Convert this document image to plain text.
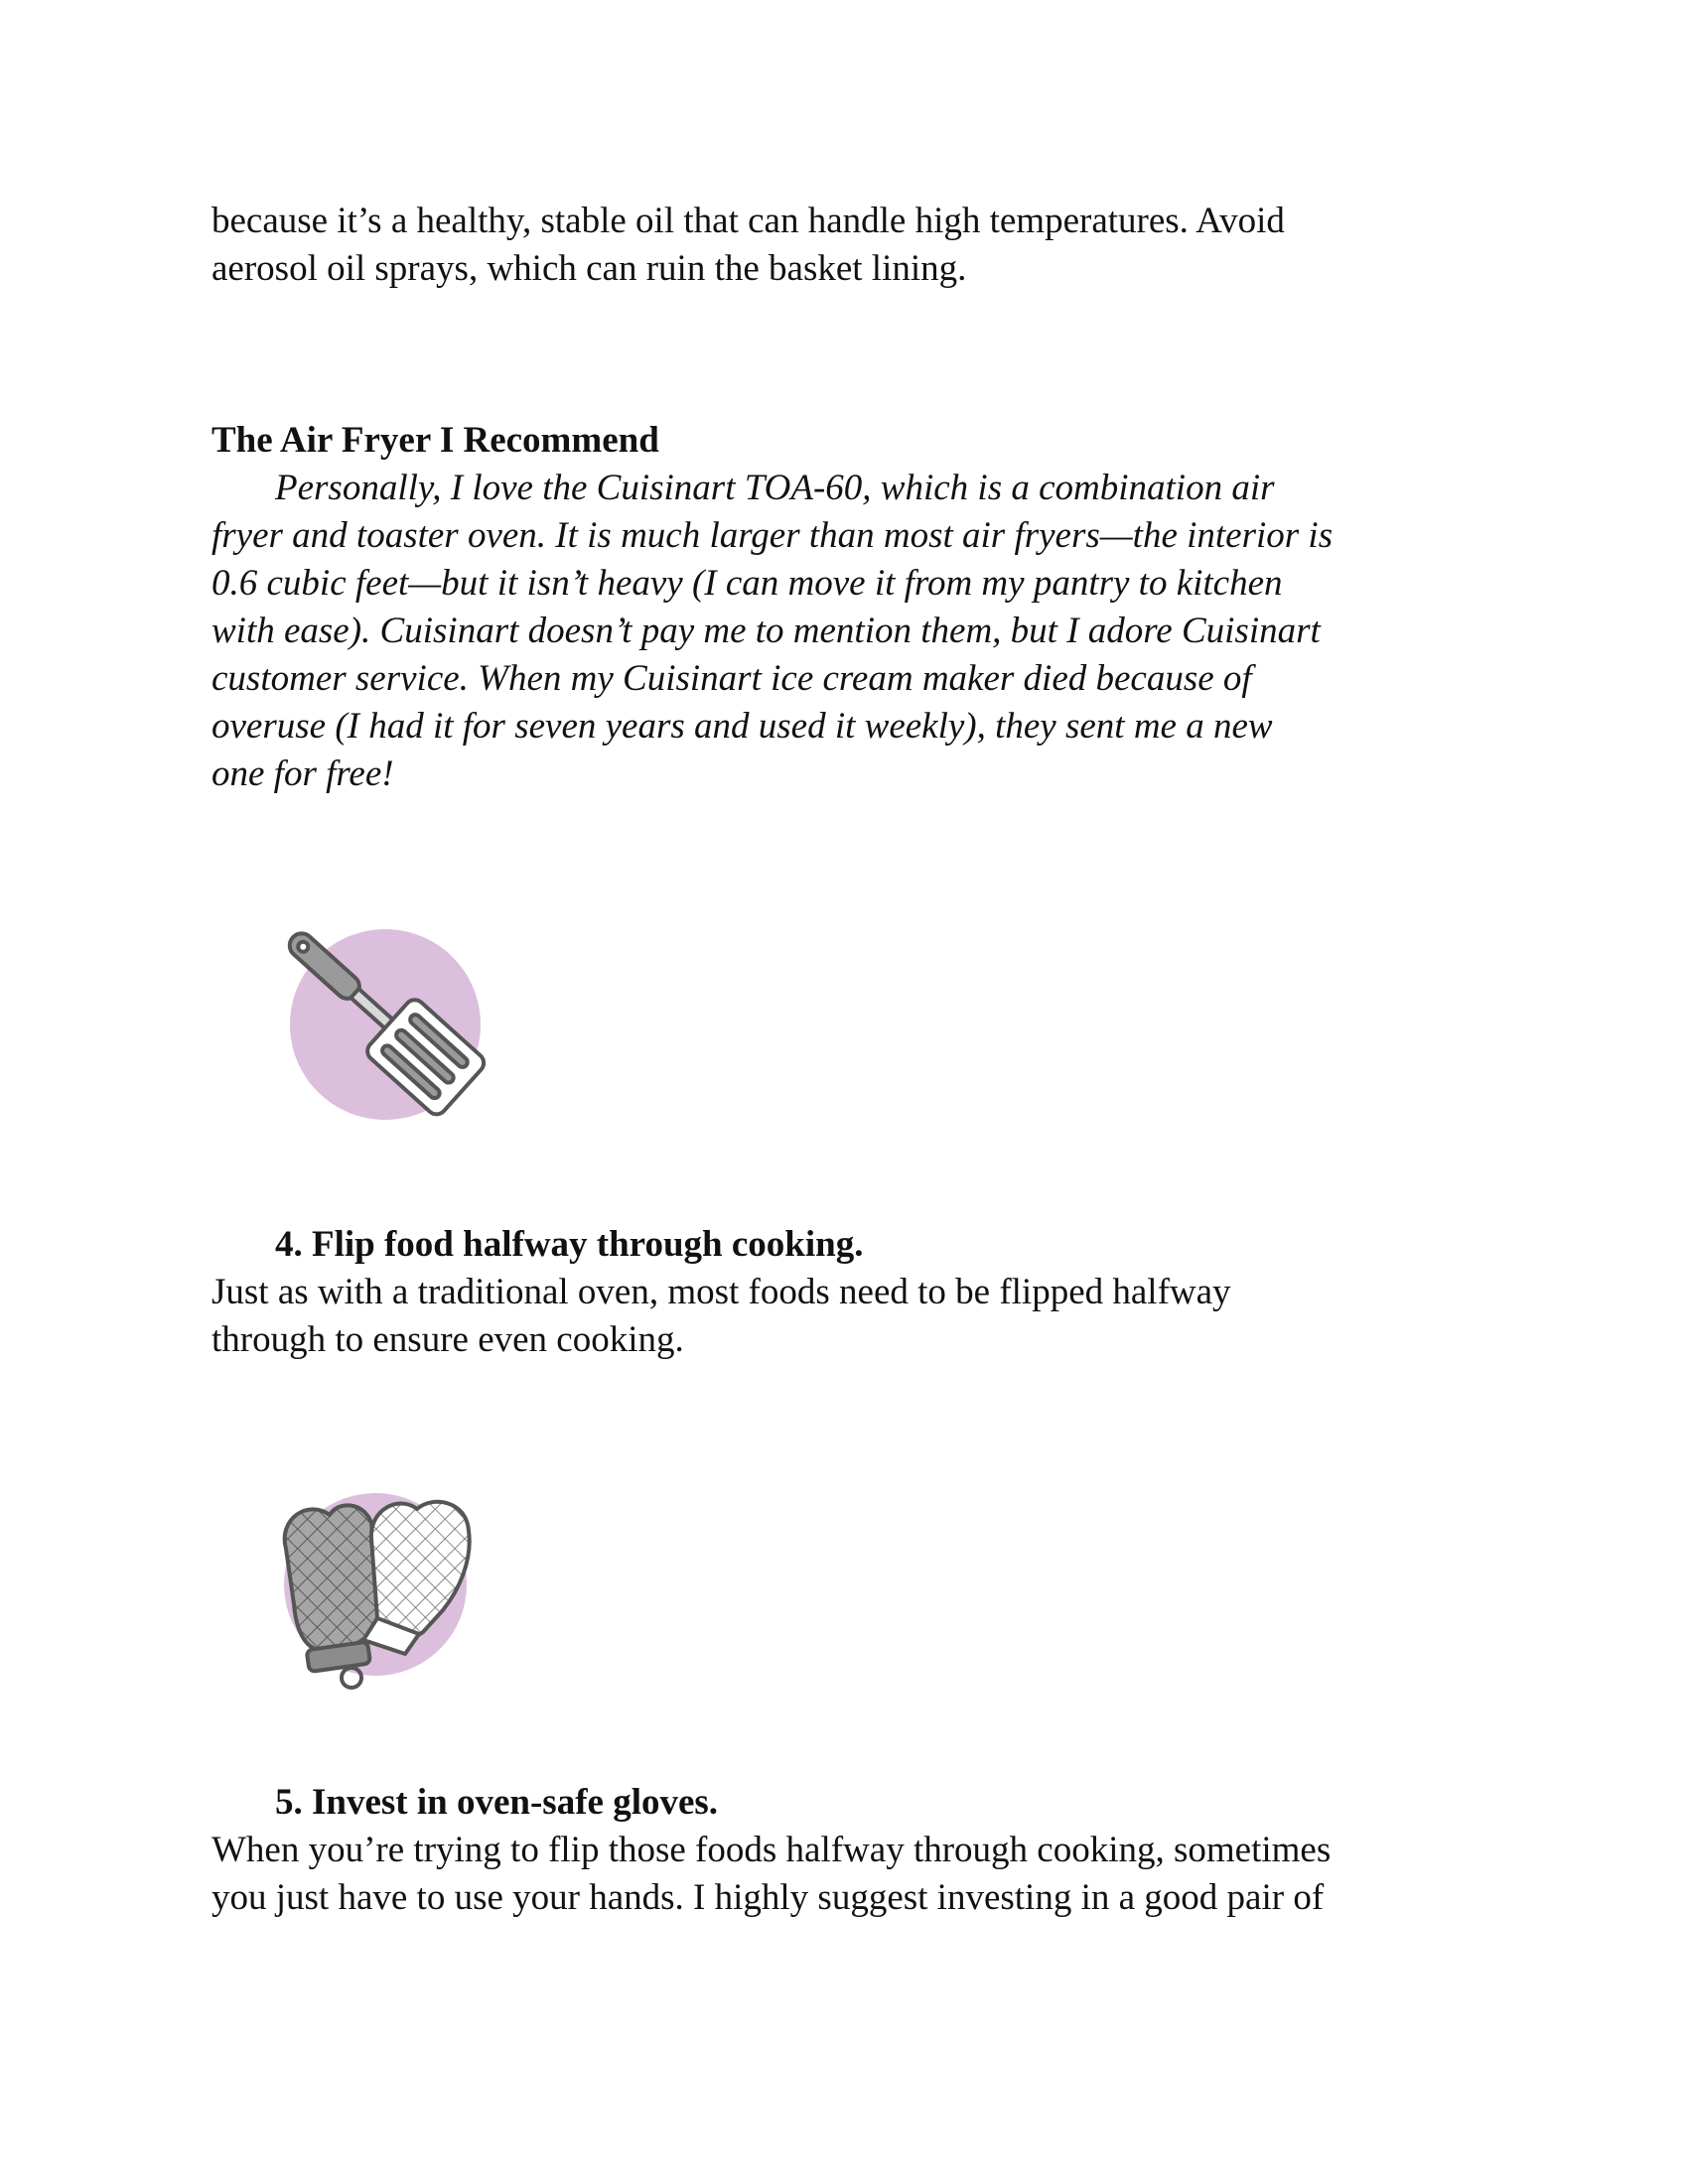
because it’s a healthy, stable oil that can handle high temperatures. Avoid
aerosol oil sprays, which can ruin the basket lining.
The Air Fryer I Recommend
Personally, I love the Cuisinart TOA-60, which is a combination air
fryer and toaster oven. It is much larger than most air fryers—the interior is
0.6 cubic feet—but it isn’t heavy (I can move it from my pantry to kitchen
with ease). Cuisinart doesn’t pay me to mention them, but I adore Cuisinart
customer service. When my Cuisinart ice cream maker died because of
overuse (I had it for seven years and used it weekly), they sent me a new
one for free!
4. Flip food halfway through cooking.
Just as with a traditional oven, most foods need to be flipped halfway
through to ensure even cooking.
5. Invest in oven-safe gloves.
When you’re trying to flip those foods halfway through cooking, sometimes
you just have to use your hands. I highly suggest investing in a good pair of
